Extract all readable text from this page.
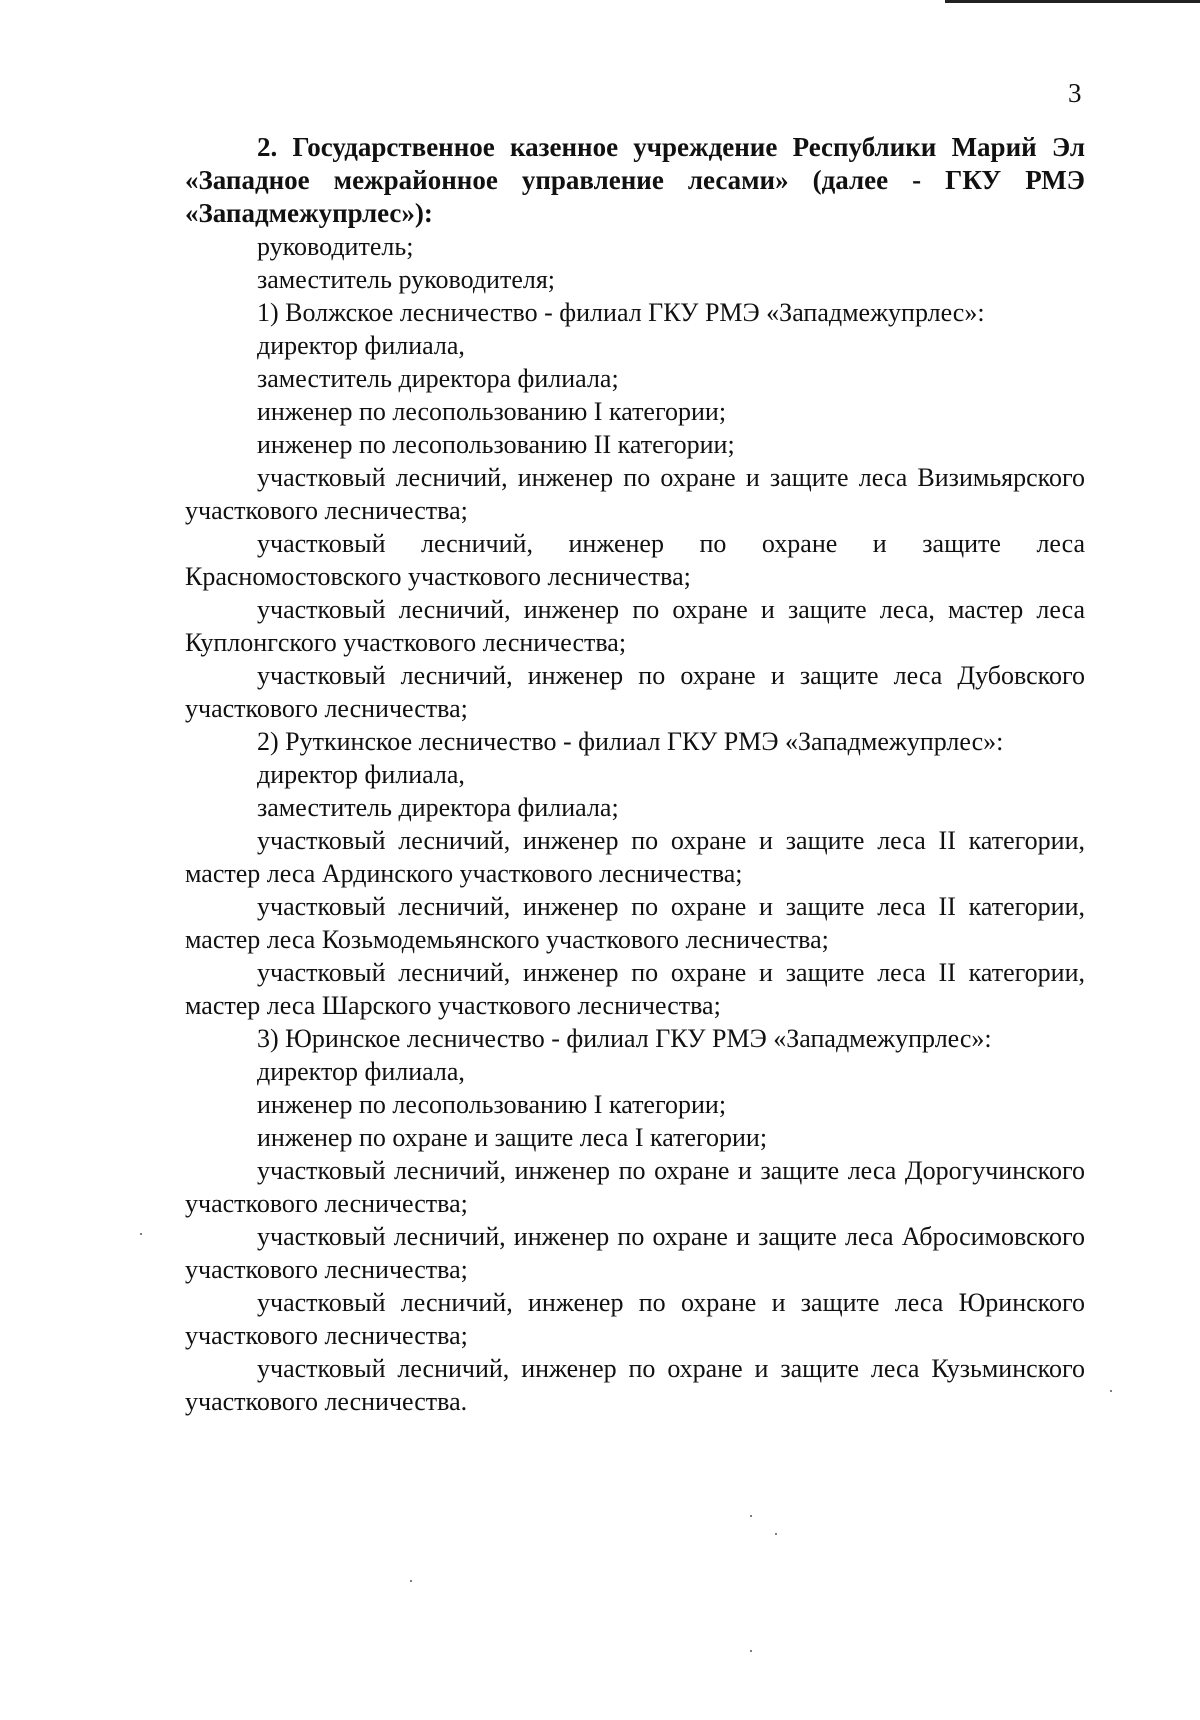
3

2. Государственное казенное учреждение Республики Марий Эл «Западное межрайонное управление лесами» (далее - ГКУ РМЭ «Западмежупрлес»):

руководитель;

заместитель руководителя;

1) Волжское лесничество - филиал ГКУ РМЭ «Западмежупрлес»:

директор филиала,

заместитель директора филиала;

инженер по лесопользованию I категории;

инженер по лесопользованию II категории;

участковый лесничий, инженер по охране и защите леса Визимьярского участкового лесничества;

участковый лесничий, инженер по охране и защите леса Красномостовского участкового лесничества;

участковый лесничий, инженер по охране и защите леса, мастер леса Куплонгского участкового лесничества;

участковый лесничий, инженер по охране и защите леса Дубовского участкового лесничества;

2) Руткинское лесничество - филиал ГКУ РМЭ «Западмежупрлес»:

директор филиала,

заместитель директора филиала;

участковый лесничий, инженер по охране и защите леса II категории, мастер леса Ардинского участкового лесничества;

участковый лесничий, инженер по охране и защите леса II категории, мастер леса Козьмодемьянского участкового лесничества;

участковый лесничий, инженер по охране и защите леса II категории, мастер леса Шарского участкового лесничества;

3) Юринское лесничество - филиал ГКУ РМЭ «Западмежупрлес»:

директор филиала,

инженер по лесопользованию I категории;

инженер по охране и защите леса I категории;

участковый лесничий, инженер по охране и защите леса Дорогучинского участкового лесничества;

участковый лесничий, инженер по охране и защите леса Абросимовского участкового лесничества;

участковый лесничий, инженер по охране и защите леса Юринского участкового лесничества;

участковый лесничий, инженер по охране и защите леса Кузьминского участкового лесничества.
